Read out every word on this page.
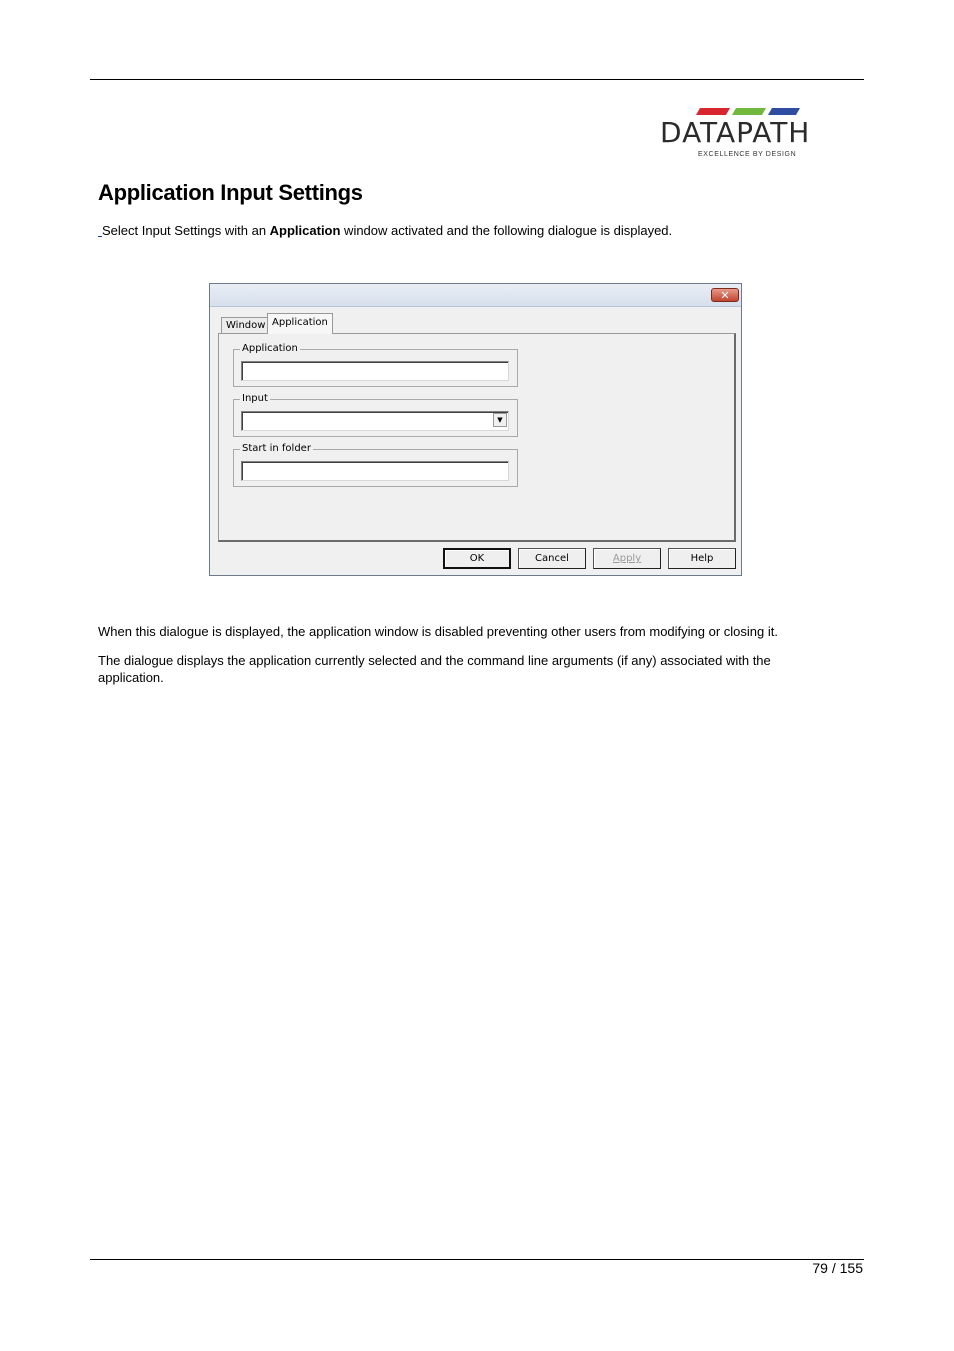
DATAPATH
EXCELLENCE BY DESIGN
Application Input Settings
Select Input Settings with an Application window activated and the following dialogue is displayed.
✕
Window Application
Application
Input
▼
Start in folder
OK	Cancel	Apply	Help

When this dialogue is displayed, the application window is disabled preventing other users from modifying or closing it.

The dialogue displays the application currently selected and the command line arguments (if any) associated with the application.

79 / 155
